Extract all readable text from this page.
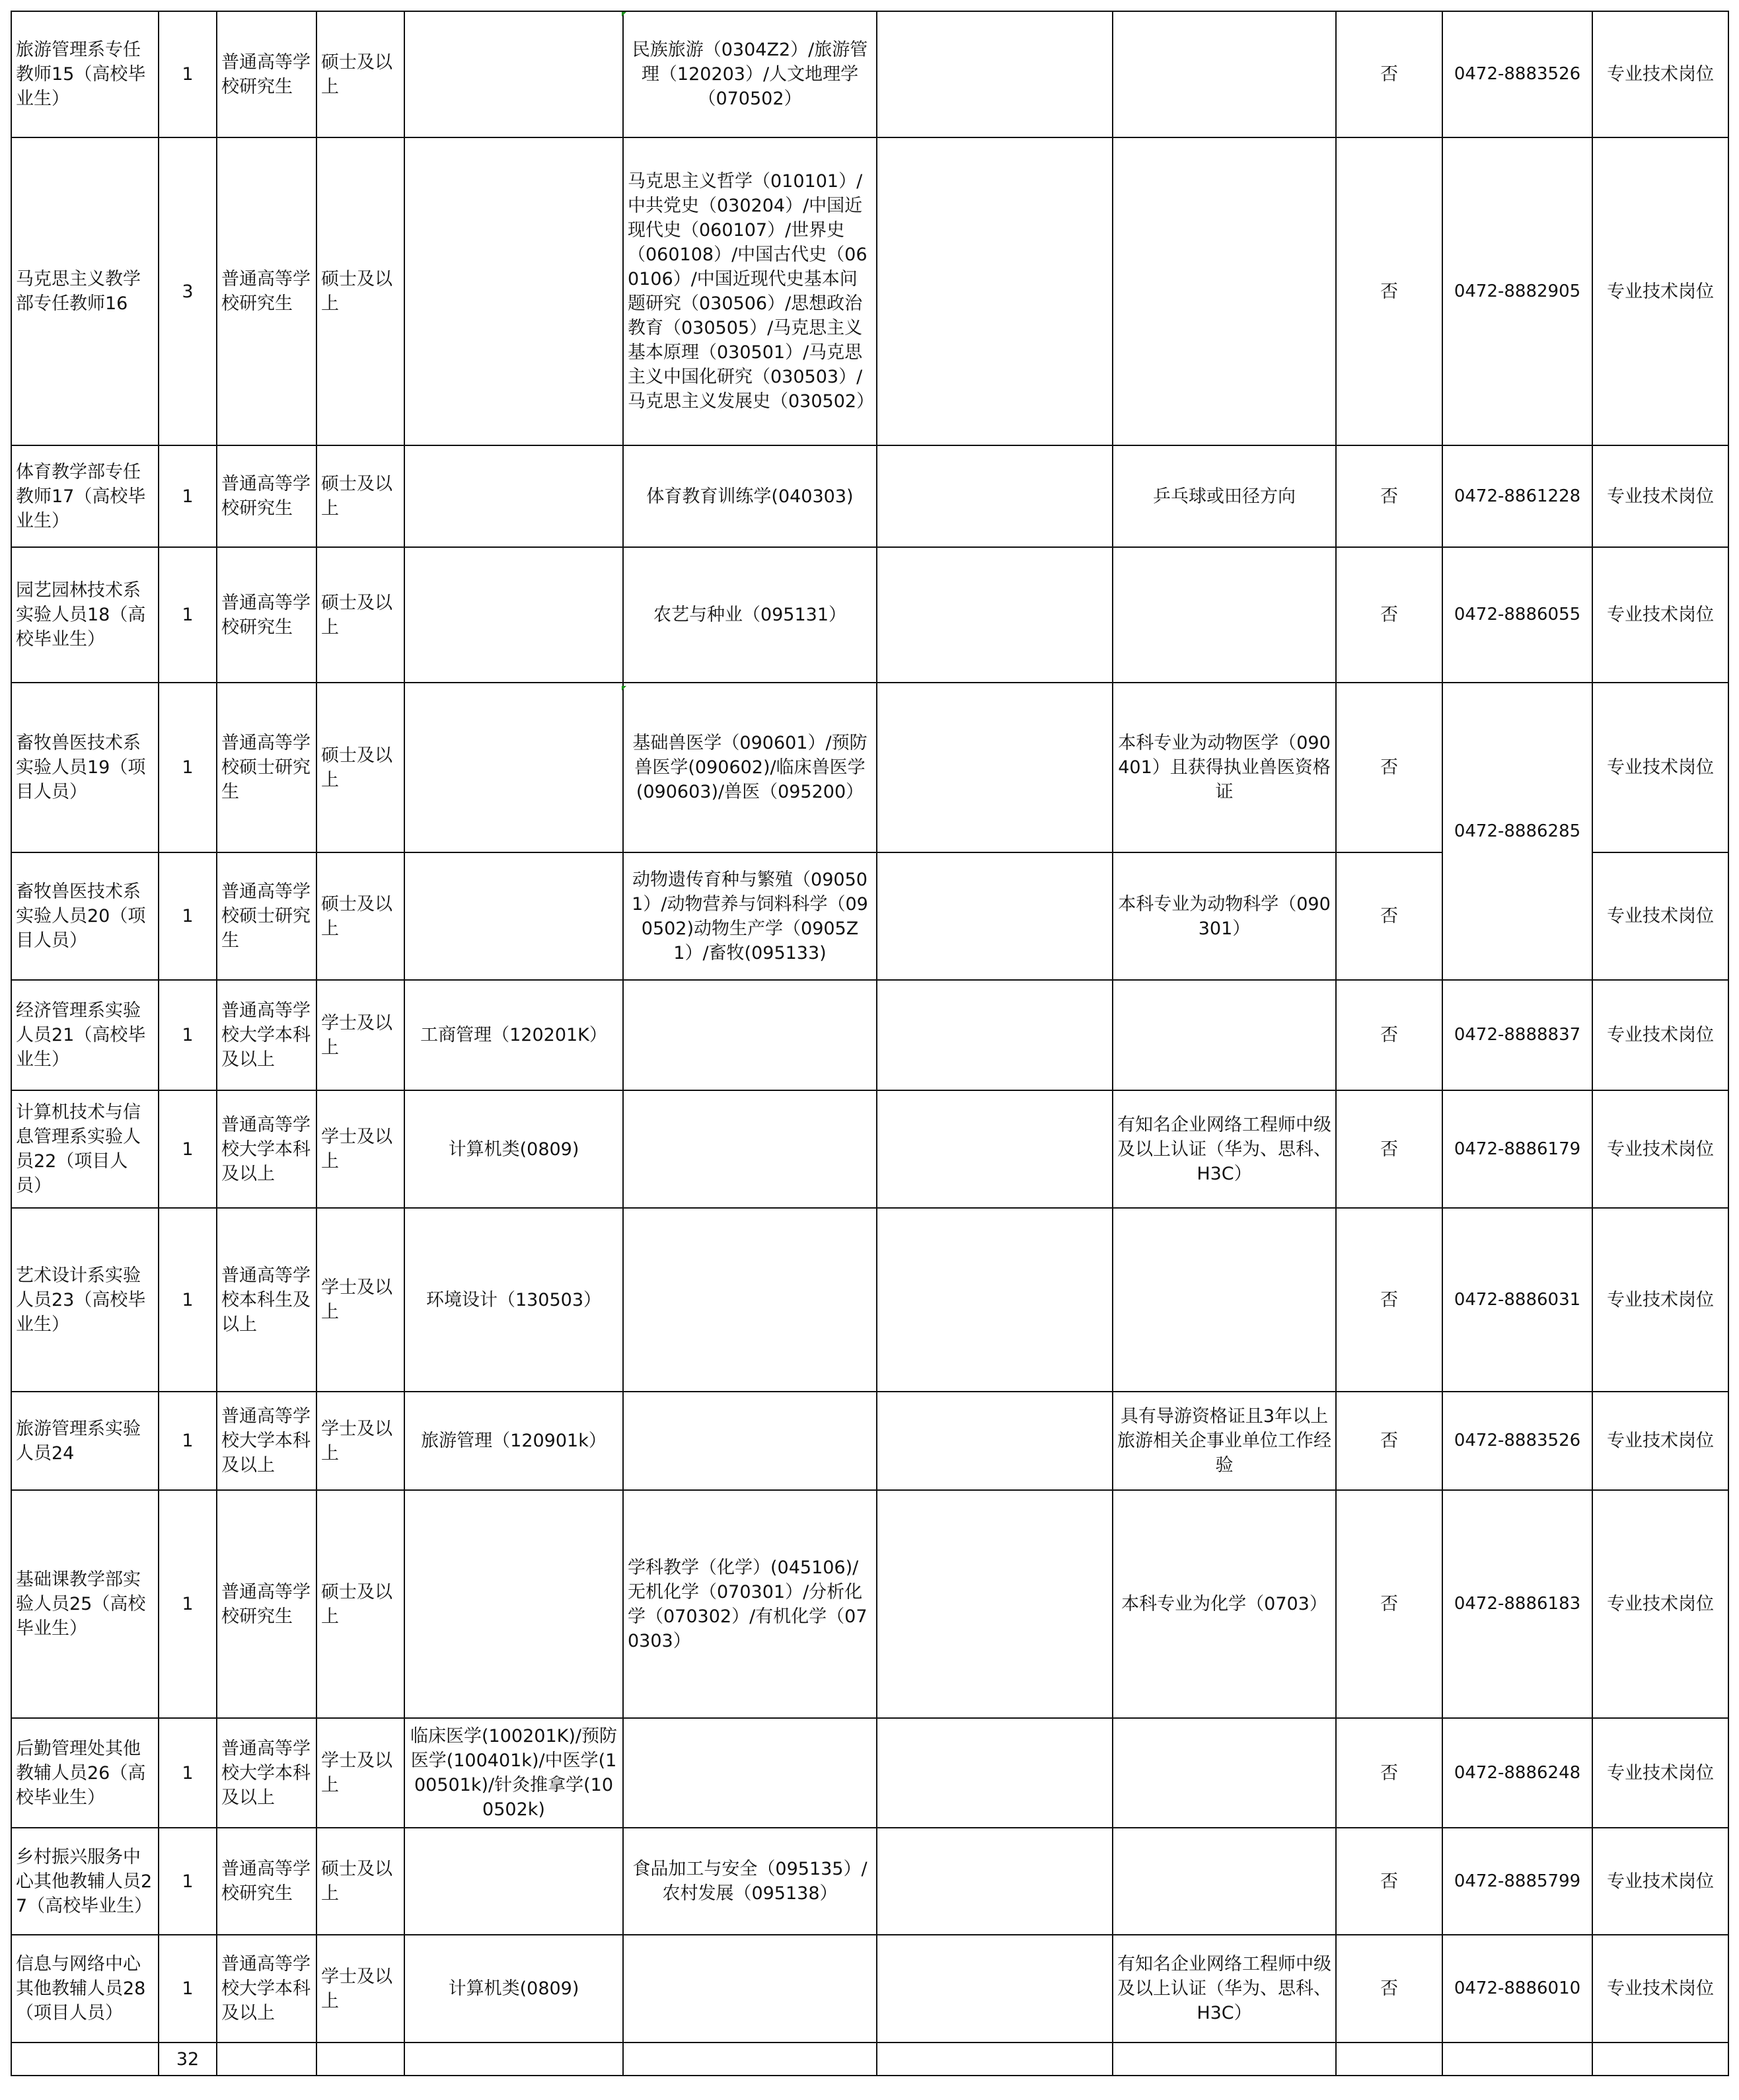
旅游管理系专任教师15（高校毕业生）	1	普通高等学校研究生	硕士及以上		民族旅游（0304Z2）/旅游管理（120203）/人文地理学（070502）			否	0472-8883526	专业技术岗位
马克思主义教学部专任教师16	3	普通高等学校研究生	硕士及以上		马克思主义哲学（010101）/中共党史（030204）/中国近现代史（060107）/世界史（060108）/中国古代史（060106）/中国近现代史基本问题研究（030506）/思想政治教育（030505）/马克思主义基本原理（030501）/马克思主义中国化研究（030503）/马克思主义发展史（030502）			否	0472-8882905	专业技术岗位
体育教学部专任教师17（高校毕业生）	1	普通高等学校研究生	硕士及以上		体育教育训练学(040303)		乒乓球或田径方向	否	0472-8861228	专业技术岗位
园艺园林技术系实验人员18（高校毕业生）	1	普通高等学校研究生	硕士及以上		农艺与种业（095131）			否	0472-8886055	专业技术岗位
畜牧兽医技术系实验人员19（项目人员）	1	普通高等学校硕士研究生	硕士及以上		基础兽医学（090601）/预防兽医学(090602)/临床兽医学(090603)/兽医（095200）		本科专业为动物医学（090401）且获得执业兽医资格证	否	0472-8886285	专业技术岗位
畜牧兽医技术系实验人员20（项目人员）	1	普通高等学校硕士研究生	硕士及以上		动物遗传育种与繁殖（090501）/动物营养与饲料科学（090502)动物生产学（0905Z1）/畜牧(095133)		本科专业为动物科学（090301）	否		专业技术岗位
经济管理系实验人员21（高校毕业生）	1	普通高等学校大学本科及以上	学士及以上	工商管理（120201K）				否	0472-8888837	专业技术岗位
计算机技术与信息管理系实验人员22（项目人员）	1	普通高等学校大学本科及以上	学士及以上	计算机类(0809)			有知名企业网络工程师中级及以上认证（华为、思科、H3C）	否	0472-8886179	专业技术岗位
艺术设计系实验人员23（高校毕业生）	1	普通高等学校本科生及以上	学士及以上	环境设计（130503）				否	0472-8886031	专业技术岗位
旅游管理系实验人员24	1	普通高等学校大学本科及以上	学士及以上	旅游管理（120901k）			具有导游资格证且3年以上旅游相关企事业单位工作经验	否	0472-8883526	专业技术岗位
基础课教学部实验人员25（高校毕业生）	1	普通高等学校研究生	硕士及以上		学科教学（化学）(045106)/无机化学（070301）/分析化学（070302）/有机化学（070303）		本科专业为化学（0703）	否	0472-8886183	专业技术岗位
后勤管理处其他教辅人员26（高校毕业生）	1	普通高等学校大学本科及以上	学士及以上	临床医学(100201K)/预防医学(100401k)/中医学(100501k)/针灸推拿学(100502k)				否	0472-8886248	专业技术岗位
乡村振兴服务中心其他教辅人员27（高校毕业生）	1	普通高等学校研究生	硕士及以上		食品加工与安全（095135）/农村发展（095138）			否	0472-8885799	专业技术岗位
信息与网络中心其他教辅人员28（项目人员）	1	普通高等学校大学本科及以上	学士及以上	计算机类(0809)			有知名企业网络工程师中级及以上认证（华为、思科、H3C）	否	0472-8886010	专业技术岗位
	32									
